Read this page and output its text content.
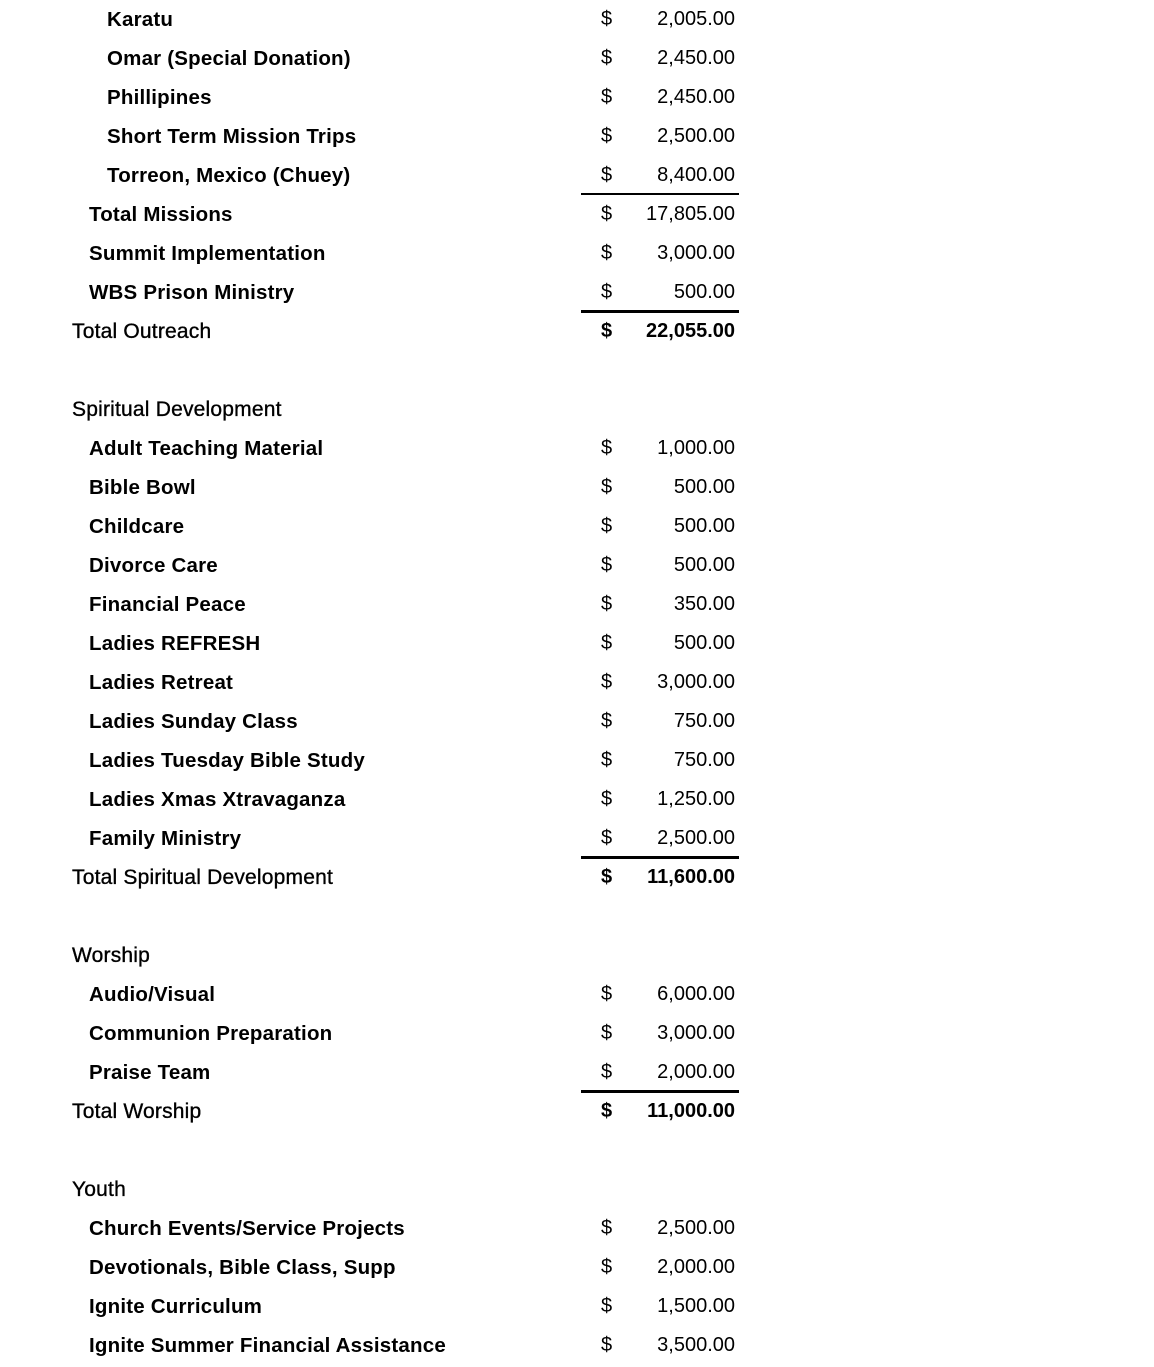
Karatu	$ 2,005.00
Omar (Special Donation)	$ 2,450.00
Phillipines	$ 2,450.00
Short Term Mission Trips	$ 2,500.00
Torreon, Mexico (Chuey)	$ 8,400.00
Total Missions	$ 17,805.00
Summit Implementation	$ 3,000.00
WBS Prison Ministry	$	500.00
Total Outreach	$ 22,055.00
Spiritual Development
Adult Teaching Material	$ 1,000.00
Bible Bowl	$	500.00
Childcare	$	500.00
Divorce Care	$	500.00
Financial Peace	$	350.00
Ladies REFRESH	$	500.00
Ladies Retreat	$ 3,000.00
Ladies Sunday Class	$	750.00
Ladies Tuesday Bible Study	$	750.00
Ladies Xmas Xtravaganza	$ 1,250.00
Family Ministry	$ 2,500.00
Total Spiritual Development	$ 11,600.00
Worship
Audio/Visual	$ 6,000.00
Communion Preparation	$ 3,000.00
Praise Team	$ 2,000.00
Total Worship	$ 11,000.00
Youth
Church Events/Service Projects	$ 2,500.00
Devotionals, Bible Class, Supp	$ 2,000.00
Ignite Curriculum	$ 1,500.00
Ignite Summer Financial Assistance	$ 3,500.00
